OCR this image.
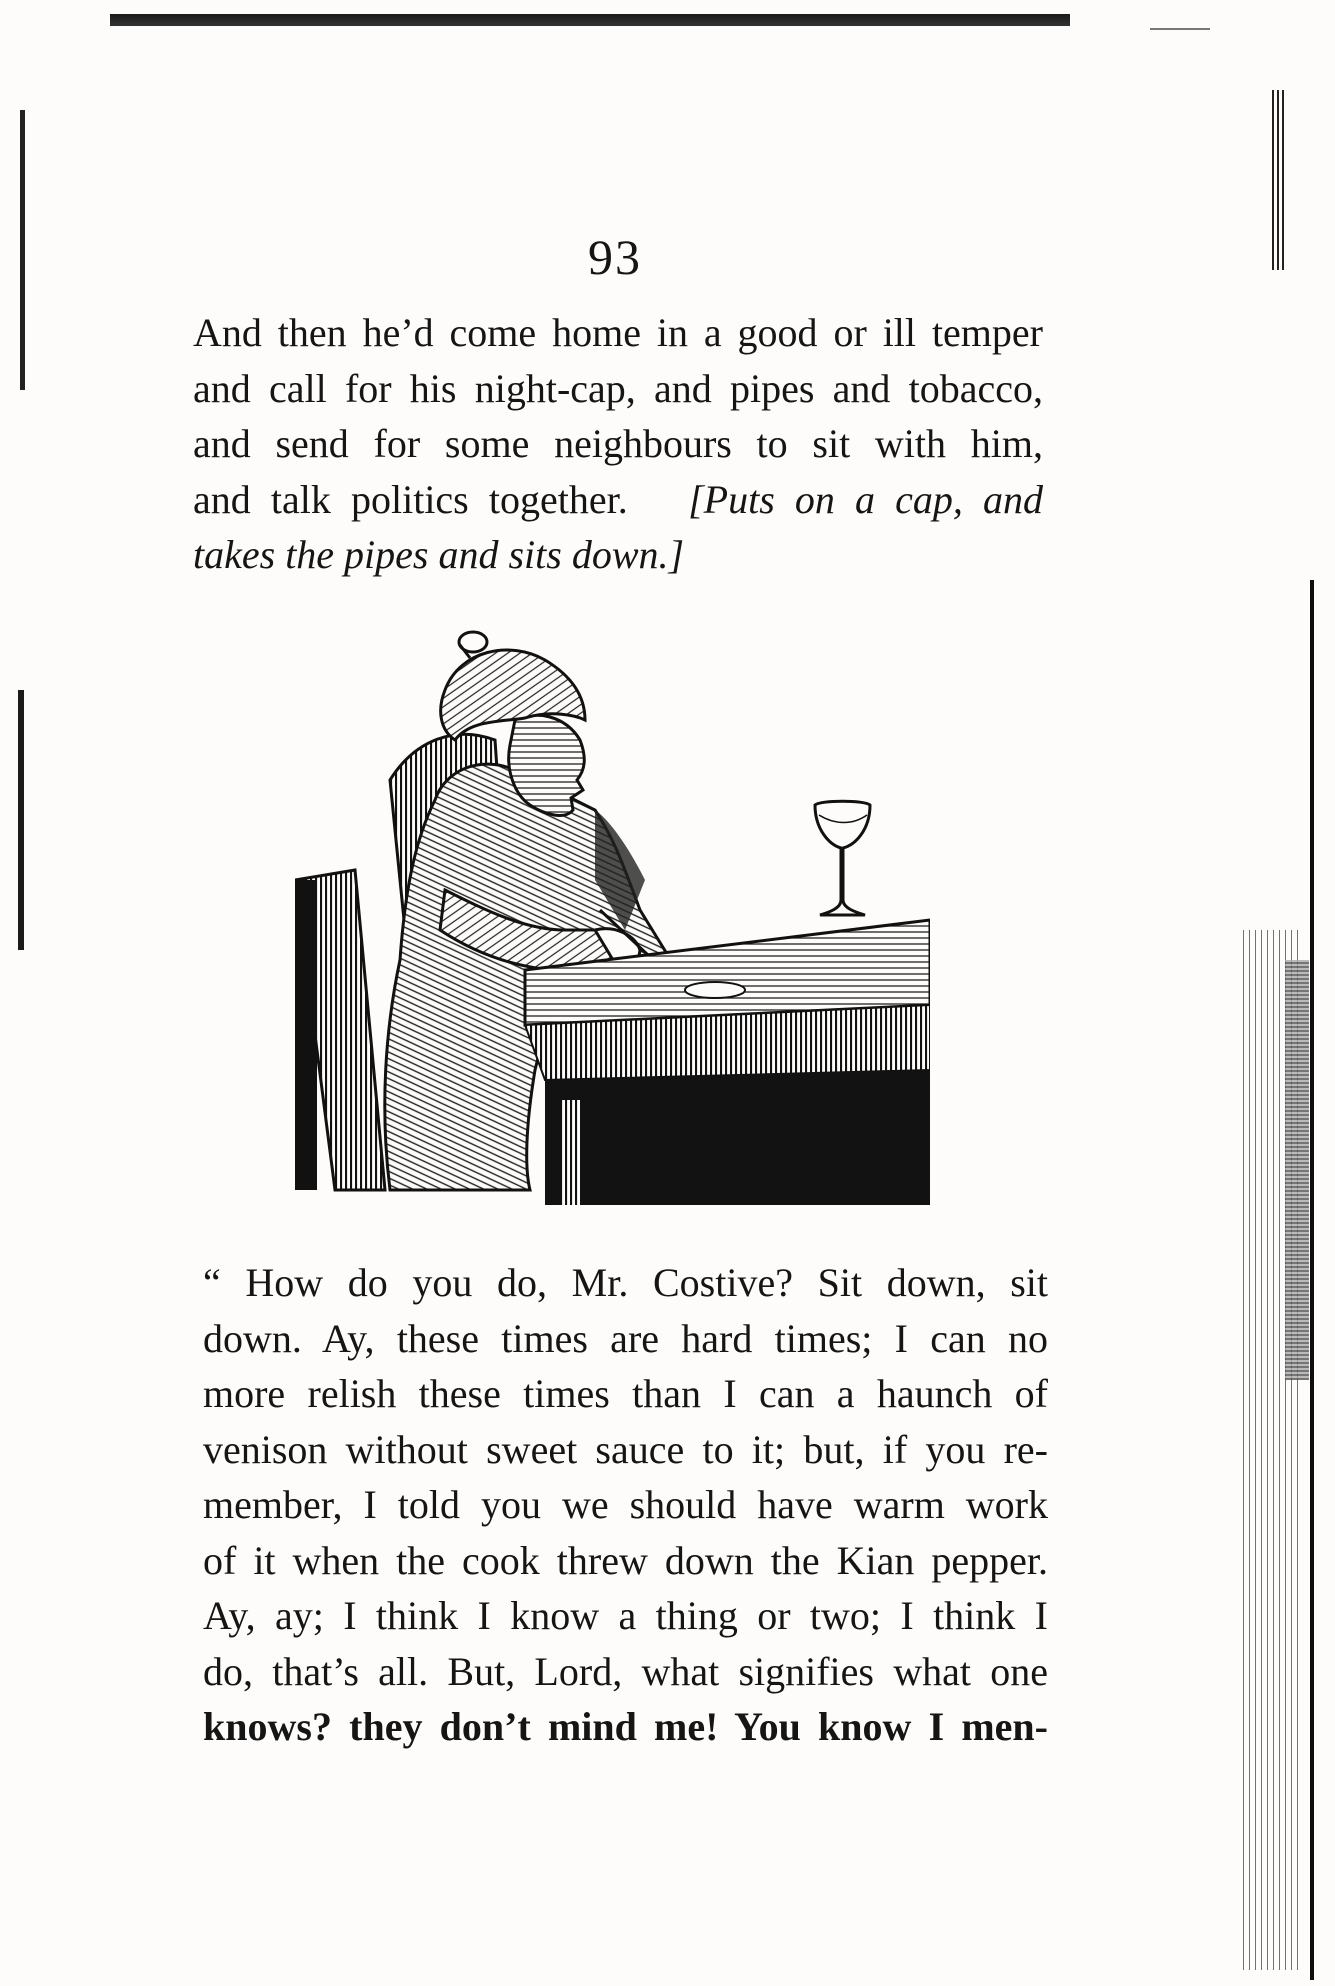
93

And then he’d come home in a good or ill temper
and call for his night-cap, and pipes and tobacco,
and send for some neighbours to sit with him,
and talk politics together. [Puts on a cap, and
takes the pipes and sits down.]

“ How do you do, Mr. Costive? Sit down, sit
down. Ay, these times are hard times; I can no
more relish these times than I can a haunch of
venison without sweet sauce to it; but, if you re-
member, I told you we should have warm work
of it when the cook threw down the Kian pepper.
Ay, ay; I think I know a thing or two; I think I
do, that’s all. But, Lord, what signifies what one
knows? they don’t mind me! You know I men-
